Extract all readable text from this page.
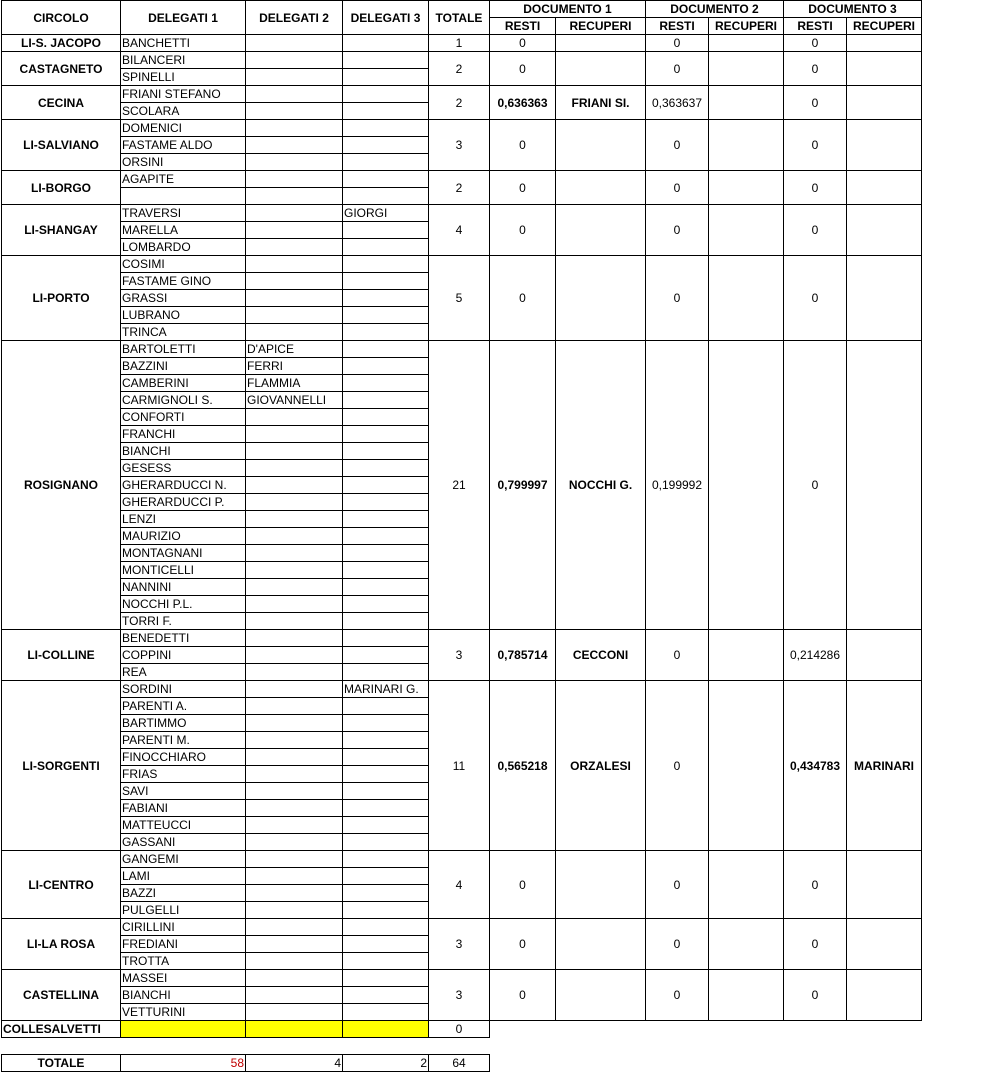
CIRCOLO	DELEGATI 1	DELEGATI 2	DELEGATI 3	TOTALE	DOCUMENTO 1		DOCUMENTO 2		DOCUMENTO 3	
					RESTI	RECUPERI	RESTI	RECUPERI	RESTI	RECUPERI
LI-S. JACOPO	BANCHETTI			1	0		0		0	
CASTAGNETO	BILANCERI			2	0		0		0	
	SPINELLI									
CECINA	FRIANI STEFANO			2	0,636363	FRIANI SI.	0,363637		0	
	SCOLARA									
LI-SALVIANO	DOMENICI			3	0		0		0	
	FASTAME ALDO									
	ORSINI									
LI-BORGO	AGAPITE			2	0		0		0	

LI-SHANGAY	TRAVERSI		GIORGI	4	0		0		0	
	MARELLA									
	LOMBARDO									
LI-PORTO	COSIMI			5	0		0		0	
	FASTAME GINO									
	GRASSI									
	LUBRANO									
	TRINCA									
ROSIGNANO	BARTOLETTI	D'APICE		21	0,799997	NOCCHI G.	0,199992		0	
	BAZZINI	FERRI								
	CAMBERINI	FLAMMIA								
	CARMIGNOLI S.	GIOVANNELLI								
	CONFORTI									
	FRANCHI									
	BIANCHI									
	GESESS									
	GHERARDUCCI N.									
	GHERARDUCCI P.									
	LENZI									
	MAURIZIO									
	MONTAGNANI									
	MONTICELLI									
	NANNINI									
	NOCCHI P.L.									
	TORRI F.									
LI-COLLINE	BENEDETTI			3	0,785714	CECCONI	0		0,214286	
	COPPINI									
	REA									
LI-SORGENTI	SORDINI		MARINARI G.	11	0,565218	ORZALESI	0		0,434783	MARINARI
	PARENTI A.									
	BARTIMMO									
	PARENTI M.									
	FINOCCHIARO									
	FRIAS									
	SAVI									
	FABIANI									
	MATTEUCCI									
	GASSANI									
LI-CENTRO	GANGEMI			4	0		0		0	
	LAMI									
	BAZZI									
	PULGELLI									
LI-LA ROSA	CIRILLINI			3	0		0		0	
	FREDIANI									
	TROTTA									
CASTELLINA	MASSEI			3	0		0		0	
	BIANCHI									
	VETTURINI									
COLLESALVETTI				0						
TOTALE	58	4	2	64
